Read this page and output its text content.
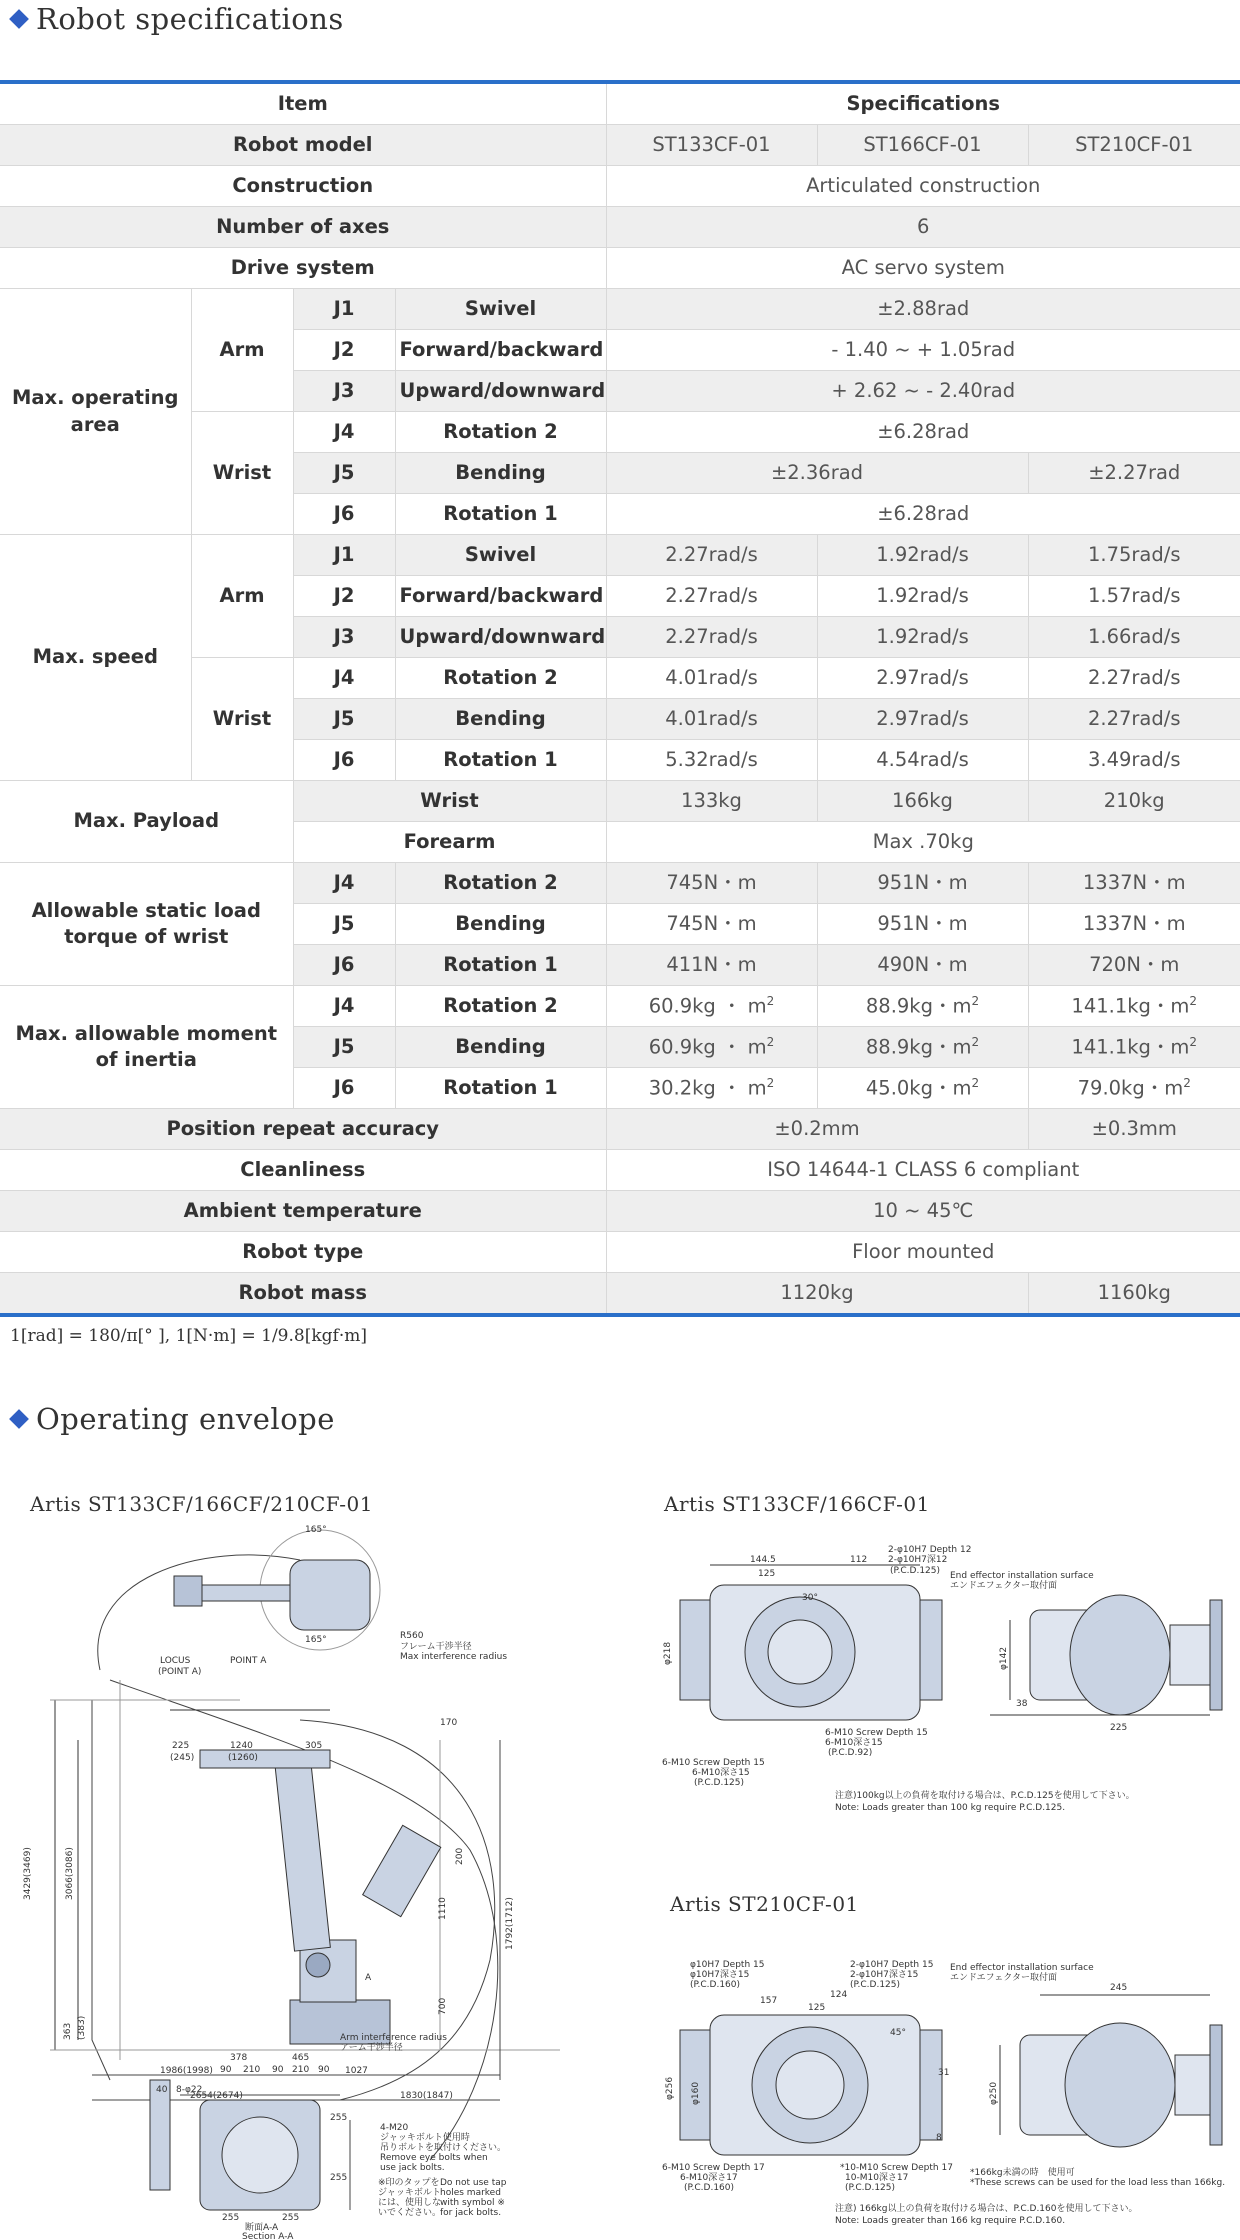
Robot specifications
Item				Specifications		
Robot model				ST133CF-01	ST166CF-01	ST210CF-01
Construction				Articulated construction		
Number of axes				6		
Drive system				AC servo system		
Max. operating area	Arm	J1	Swivel	±2.88rad		
		J2	Forward/backward	- 1.40 ~ + 1.05rad		
		J3	Upward/downward	+ 2.62 ~ - 2.40rad		
	Wrist	J4	Rotation 2	±6.28rad		
		J5	Bending	±2.36rad		±2.27rad
		J6	Rotation 1	±6.28rad		
Max. speed	Arm	J1	Swivel	2.27rad/s	1.92rad/s	1.75rad/s
		J2	Forward/backward	2.27rad/s	1.92rad/s	1.57rad/s
		J3	Upward/downward	2.27rad/s	1.92rad/s	1.66rad/s
	Wrist	J4	Rotation 2	4.01rad/s	2.97rad/s	2.27rad/s
		J5	Bending	4.01rad/s	2.97rad/s	2.27rad/s
		J6	Rotation 1	5.32rad/s	4.54rad/s	3.49rad/s
Max. Payload		Wrist		133kg	166kg	210kg
		Forearm		Max .70kg		
Allowable static load torque of wrist		J4	Rotation 2	745N・m	951N・m	1337N・m
		J5	Bending	745N・m	951N・m	1337N・m
		J6	Rotation 1	411N・m	490N・m	720N・m
Max. allowable moment of inertia		J4	Rotation 2	60.9kg ・ $m^2$	88.9kg・$m^2$	141.1kg・$m^2$
		J5	Bending	60.9kg ・ $m^2$	88.9kg・$m^2$	141.1kg・$m^2$
		J6	Rotation 1	30.2kg ・ $m^2$	45.0kg・$m^2$	79.0kg・$m^2$
Position repeat accuracy				±0.2mm		±0.3mm
Cleanliness				ISO 14644-1 CLASS 6 compliant		
Ambient temperature				10 ~ 45℃		
Robot type				Floor mounted		
Robot mass				1120kg		1160kg
1[rad] = 180/π[° ], 1[N·m] = 1/9.8[kgf·m]
Operating envelope
Artis ST133CF/166CF/210CF-01	Artis ST133CF/166CF-01
Artis ST210CF-01
165°
165°	R560
フレーム干渉半径
Max interference radius
LOCUS
(POINT A)
POINT A
225
(245)
1240
(1260)
305
170
3429(3469)	3066(3086)
363 (383)
200
1110
700
1792(1712)
1986(1998)	1027
2654(2674)	1830(1847)
Arm interference radius
アーム干渉半径
A
40 8-φ22
378	465
90 210 90 210 90
4-M20
ジャッキボルト使用時
吊りボルトを取付けください。
Remove eye bolts when
use jack bolts.
※印のタップを
ジャッキボルト
には、使用しな
いでください。
Do not use tap
holes marked
with symbol ※
for jack bolts.
255
255
255	255
断面A-A
Section A-A
144.5	112
125
30°
2-φ10H7 Depth 12
2-φ10H7深12
(P.C.D.125) End effector installation surface
エンドエフェクター取付面
φ218	φ142
38
225
6-M10 Screw Depth 15
6-M10深さ15
(P.C.D.92)
6-M10 Screw Depth 15
6-M10深さ15
(P.C.D.125)
注意)100kg以上の負荷を取付ける場合は、P.C.D.125を使用して下さい。
Note: Loads greater than 100 kg require P.C.D.125.
φ10H7 Depth 15
φ10H7深さ15
(P.C.D.160)
2-φ10H7 Depth 15
2-φ10H7深さ15
(P.C.D.125)
End effector installation surface
エンドエフェクター取付面
157
124
125
245
φ256 φ160	φ250
31
45°
8
6-M10 Screw Depth 17
6-M10深さ17
(P.C.D.160)
*10-M10 Screw Depth 17
10-M10深さ17
(P.C.D.125)
*166kg未満の時　使用可
*These screws can be used for the load less than 166kg.
注意) 166kg以上の負荷を取付ける場合は、P.C.D.160を使用して下さい。
Note: Loads greater than 166 kg require P.C.D.160.
